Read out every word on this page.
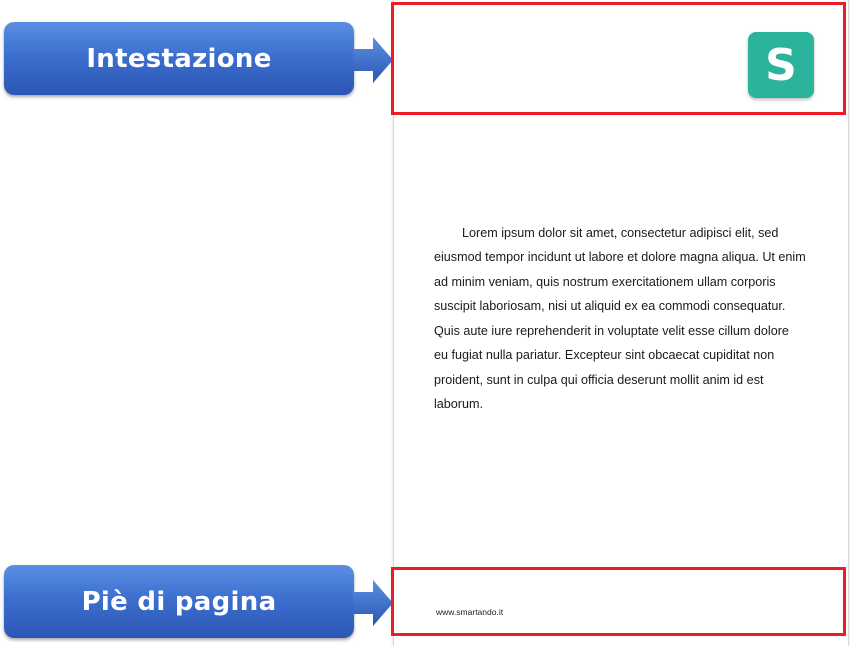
Intestazione
Piè di pagina
S

Lorem ipsum dolor sit amet, consectetur adipisci elit, sed eiusmod tempor incidunt ut labore et dolore magna aliqua. Ut enim ad minim veniam, quis nostrum exercitationem ullam corporis suscipit laboriosam, nisi ut aliquid ex ea commodi consequatur. Quis aute iure reprehenderit in voluptate velit esse cillum dolore eu fugiat nulla pariatur. Excepteur sint obcaecat cupiditat non proident, sunt in culpa qui officia deserunt mollit anim id est laborum.

www.smartando.it
